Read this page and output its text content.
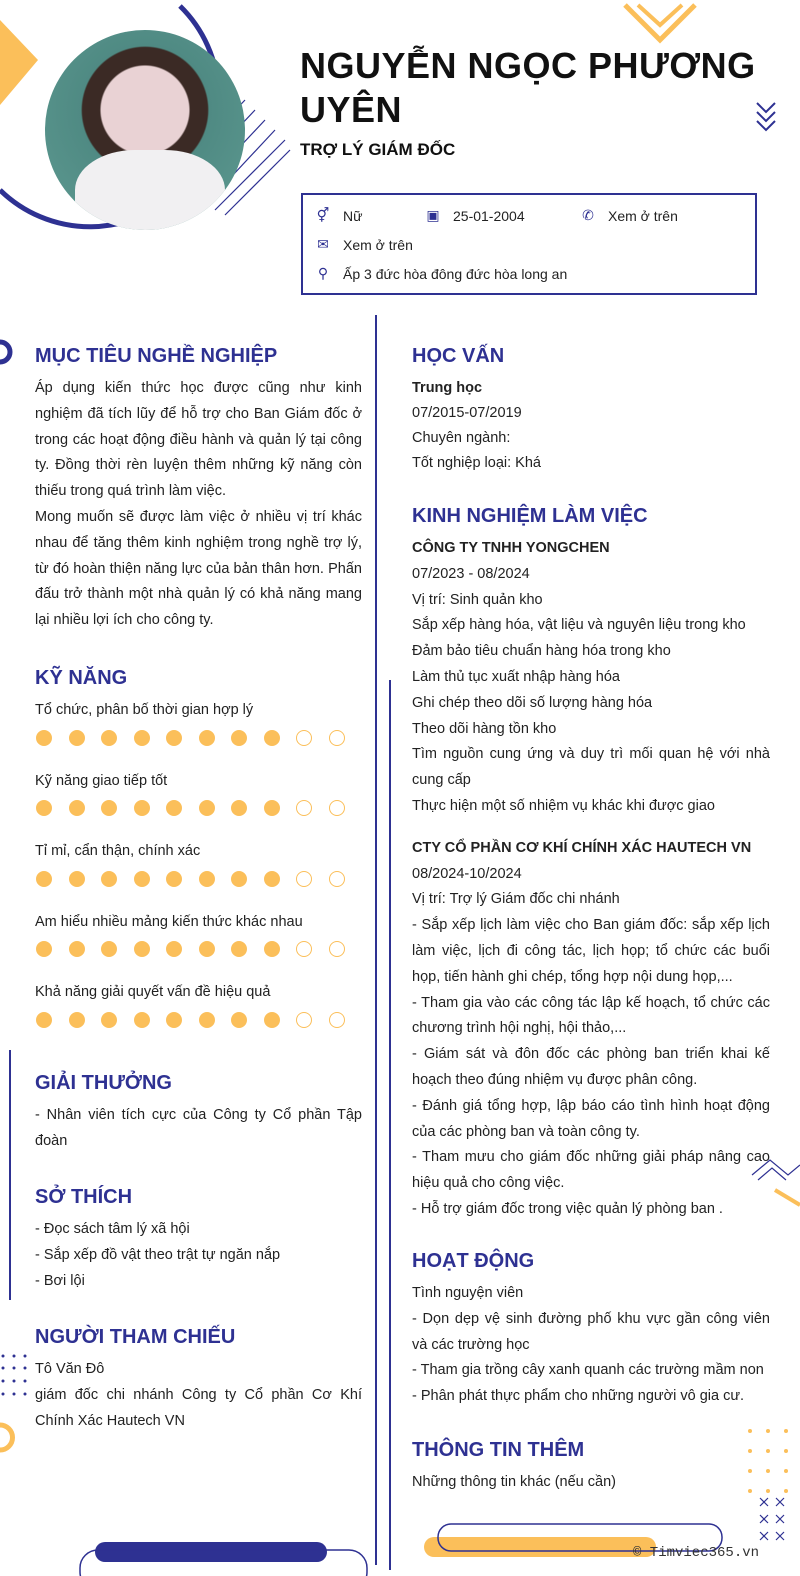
NGUYỄN NGỌC PHƯƠNG UYÊN
TRỢ LÝ GIÁM ĐỐC
⚥ Nữ	▣ 25-01-2004	✆ Xem ở trên
✉ Xem ở trên
⚲	Ấp 3 đức hòa đông đức hòa long an
MỤC TIÊU NGHỀ NGHIỆP
Áp dụng kiến thức học được cũng như kinh nghiệm đã tích lũy để hỗ trợ cho Ban Giám đốc ở trong các hoạt động điều hành và quản lý tại công ty. Đồng thời rèn luyện thêm những kỹ năng còn thiếu trong quá trình làm việc.
Mong muốn sẽ được làm việc ở nhiều vị trí khác nhau để tăng thêm kinh nghiệm trong nghề trợ lý, từ đó hoàn thiện năng lực của bản thân hơn. Phấn đấu trở thành một nhà quản lý có khả năng mang lại nhiều lợi ích cho công ty.
KỸ NĂNG
Tổ chức, phân bố thời gian hợp lý
Kỹ năng giao tiếp tốt
Tỉ mỉ, cẩn thận, chính xác
Am hiểu nhiều mảng kiến thức khác nhau
Khả năng giải quyết vấn đề hiệu quả
GIẢI THƯỞNG
- Nhân viên tích cực của Công ty Cổ phần Tập đoàn
SỞ THÍCH
- Đọc sách tâm lý xã hội
- Sắp xếp đồ vật theo trật tự ngăn nắp
- Bơi lội
NGƯỜI THAM CHIẾU
Tô Văn Đô
giám đốc chi nhánh Công ty Cổ phần Cơ Khí Chính Xác Hautech VN
HỌC VẤN
Trung học
07/2015-07/2019
Chuyên ngành:
Tốt nghiệp loại: Khá
KINH NGHIỆM LÀM VIỆC
CÔNG TY TNHH YONGCHEN
07/2023 - 08/2024
Vị trí: Sinh quản kho
Sắp xếp hàng hóa, vật liệu và nguyên liệu trong kho
Đảm bảo tiêu chuẩn hàng hóa trong kho
Làm thủ tục xuất nhập hàng hóa
Ghi chép theo dõi số lượng hàng hóa
Theo dõi hàng tồn kho
Tìm nguồn cung ứng và duy trì mối quan hệ với nhà cung cấp
Thực hiện một số nhiệm vụ khác khi được giao
CTY CỔ PHẦN CƠ KHÍ CHÍNH XÁC HAUTECH VN
08/2024-10/2024
Vị trí: Trợ lý Giám đốc chi nhánh
- Sắp xếp lịch làm việc cho Ban giám đốc: sắp xếp lịch làm việc, lịch đi công tác, lịch họp; tổ chức các buổi họp, tiến hành ghi chép, tổng hợp nội dung họp,...
- Tham gia vào các công tác lập kế hoạch, tổ chức các chương trình hội nghị, hội thảo,...
- Giám sát và đôn đốc các phòng ban triển khai kế hoạch theo đúng nhiệm vụ được phân công.
- Đánh giá tổng hợp, lập báo cáo tình hình hoạt động của các phòng ban và toàn công ty.
- Tham mưu cho giám đốc những giải pháp nâng cao hiệu quả cho công việc.
- Hỗ trợ giám đốc trong việc quản lý phòng ban .
HOẠT ĐỘNG
Tình nguyện viên
- Dọn dẹp vệ sinh đường phố khu vực gần công viên và các trường học
- Tham gia trồng cây xanh quanh các trường mầm non
- Phân phát thực phẩm cho những người vô gia cư.
THÔNG TIN THÊM
Những thông tin khác (nếu cần)
© Timviec365.vn
